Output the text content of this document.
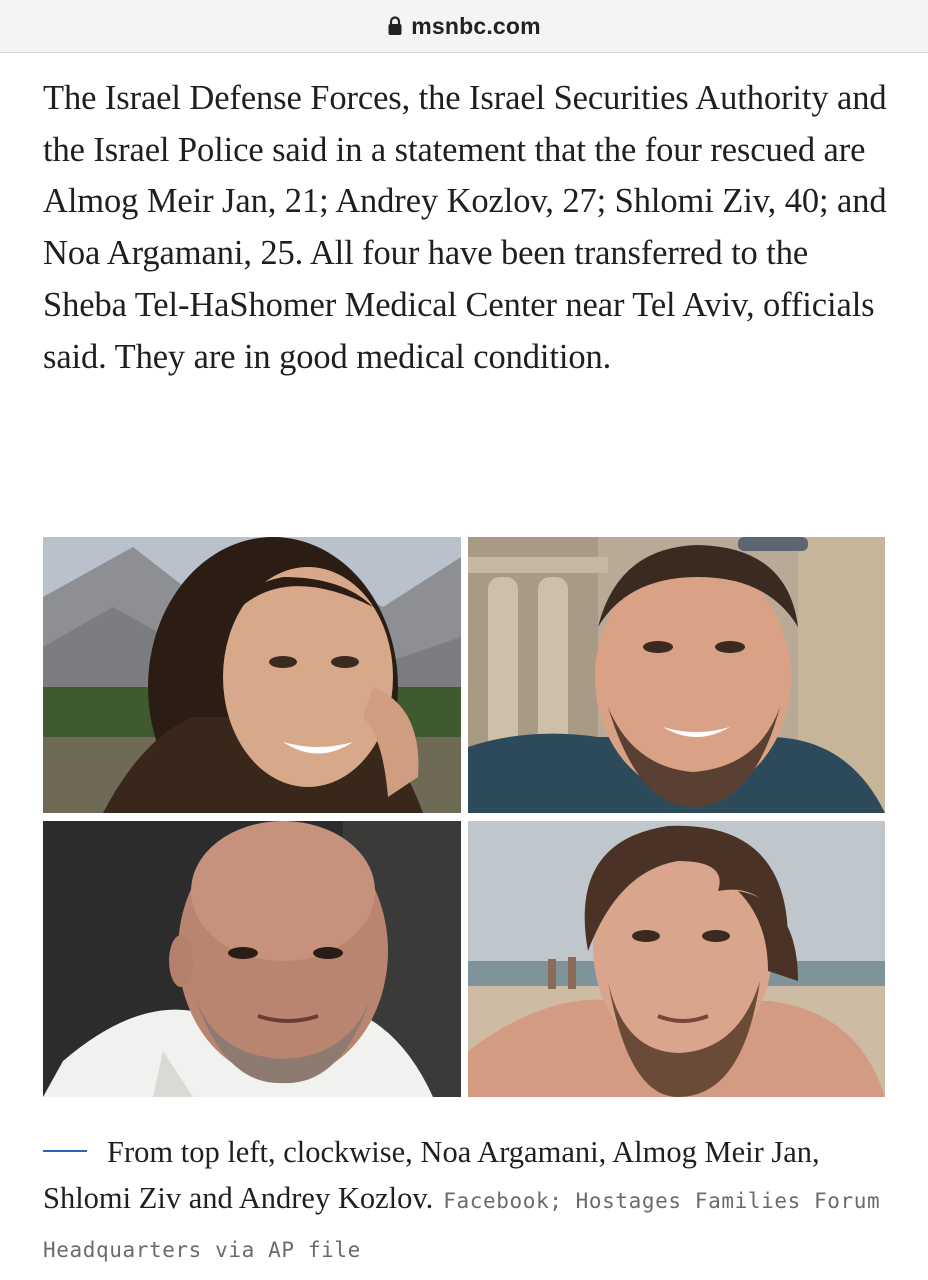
msnbc.com

The Israel Defense Forces, the Israel Securities Authority and the Israel Police said in a statement that the four rescued are Almog Meir Jan, 21; Andrey Kozlov, 27; Shlomi Ziv, 40; and Noa Argamani, 25. All four have been transferred to the Sheba Tel-HaShomer Medical Center near Tel Aviv, officials said. They are in good medical condition.

From top left, clockwise, Noa Argamani, Almog Meir Jan, Shlomi Ziv and Andrey Kozlov. Facebook; Hostages Families Forum Headquarters via AP file
